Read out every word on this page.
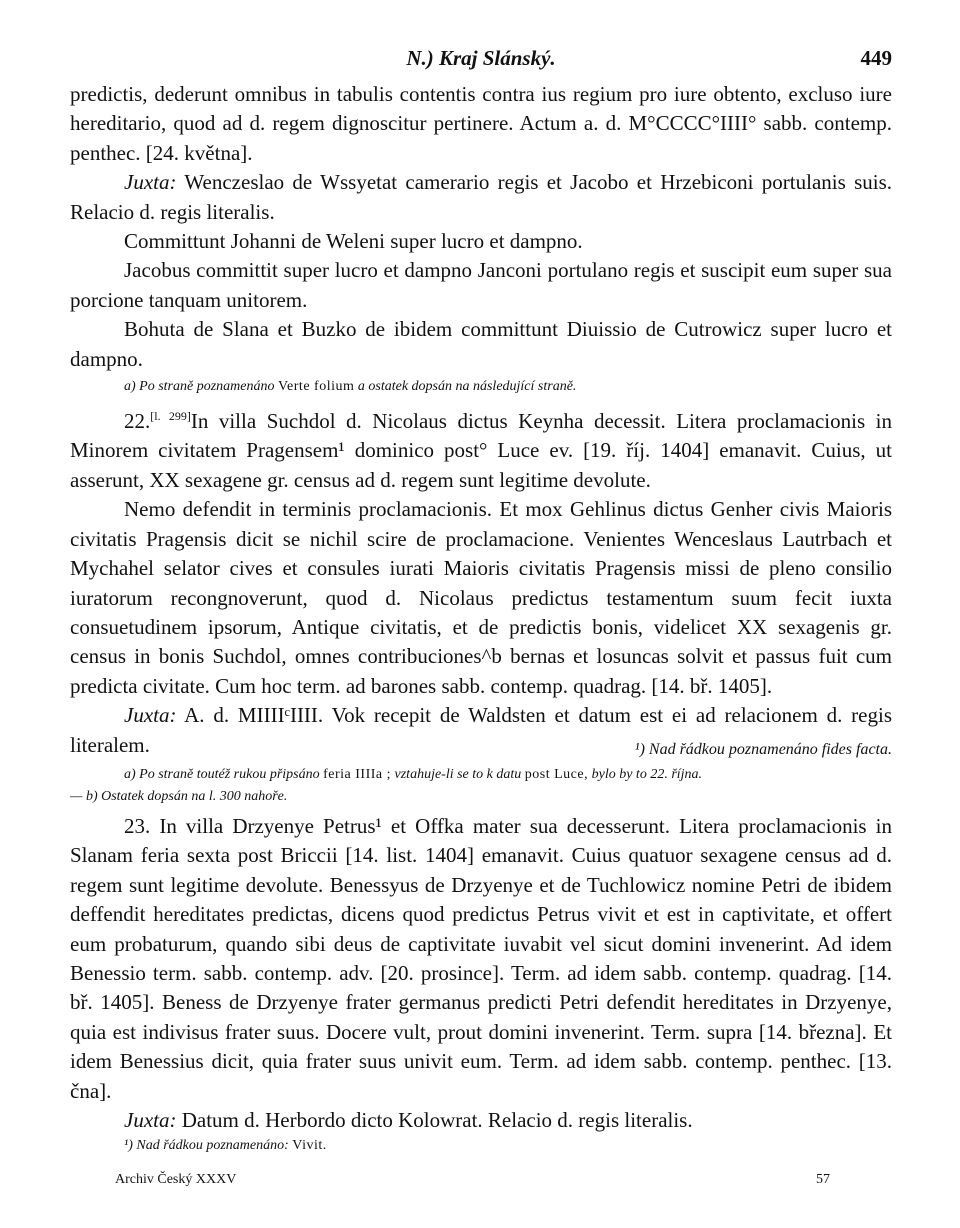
N.) Kraj Slánský.	449

predictis, dederunt omnibus in tabulis contentis contra ius regium pro iure obtento, excluso iure hereditario, quod ad d. regem dignoscitur pertinere. Actum a. d. M°CCCC°IIII° sabb. contemp. penthec. [24. května].

Juxta: Wenczeslao de Wssyetat camerario regis et Jacobo et Hrzebiconi portulanis suis. Relacio d. regis literalis.

Committunt Johanni de Weleni super lucro et dampno.

Jacobus committit super lucro et dampno Janconi portulano regis et suscipit eum super sua porcione tanquam unitorem.

Bohuta de Slana et Buzko de ibidem committunt Diuissio de Cutrowicz super lucro et dampno.

a) Po straně poznamenáno Verte folium a ostatek dopsán na následující straně.

22.[l. 299]In villa Suchdol d. Nicolaus dictus Keynha decessit. Litera proclamacionis in Minorem civitatem Pragensem¹ dominico post° Luce ev. [19. říj. 1404] emanavit. Cuius, ut asserunt, XX sexagene gr. census ad d. regem sunt legitime devolute.

Nemo defendit in terminis proclamacionis. Et mox Gehlinus dictus Genher civis Maioris civitatis Pragensis dicit se nichil scire de proclamacione. Venientes Wenceslaus Lautrbach et Mychahel selator cives et consules iurati Maioris civitatis Pragensis missi de pleno consilio iuratorum recongnoverunt, quod d. Nicolaus predictus testamentum suum fecit iuxta consuetudinem ipsorum, Antique civitatis, et de predictis bonis, videlicet XX sexagenis gr. census in bonis Suchdol, omnes contribuciones^b bernas et losuncas solvit et passus fuit cum predicta civitate. Cum hoc term. ad barones sabb. contemp. quadrag. [14. bř. 1405].

Juxta: A. d. MIIIIᶜIIII. Vok recepit de Waldsten et datum est ei ad relacionem d. regis literalem.	¹) Nad řádkou poznamenáno fides facta.

a) Po straně toutéž rukou připsáno feria IIIIa ; vztahuje-li se to k datu post Luce, bylo by to 22. října.

— b) Ostatek dopsán na l. 300 nahoře.

23. In villa Drzyenye Petrus¹ et Offka mater sua decesserunt. Litera proclamacionis in Slanam feria sexta post Briccii [14. list. 1404] emanavit. Cuius quatuor sexagene census ad d. regem sunt legitime devolute. Benessyus de Drzyenye et de Tuchlowicz nomine Petri de ibidem deffendit hereditates predictas, dicens quod predictus Petrus vivit et est in captivitate, et offert eum probaturum, quando sibi deus de captivitate iuvabit vel sicut domini invenerint. Ad idem Benessio term. sabb. contemp. adv. [20. prosince]. Term. ad idem sabb. contemp. quadrag. [14. bř. 1405]. Beness de Drzyenye frater germanus predicti Petri defendit hereditates in Drzyenye, quia est indivisus frater suus. Docere vult, prout domini invenerint. Term. supra [14. března]. Et idem Benessius dicit, quia frater suus univit eum. Term. ad idem sabb. contemp. penthec. [13. čna].

Juxta: Datum d. Herbordo dicto Kolowrat. Relacio d. regis literalis.

¹) Nad řádkou poznamenáno: Vivit.

Archiv Český XXXV	57
